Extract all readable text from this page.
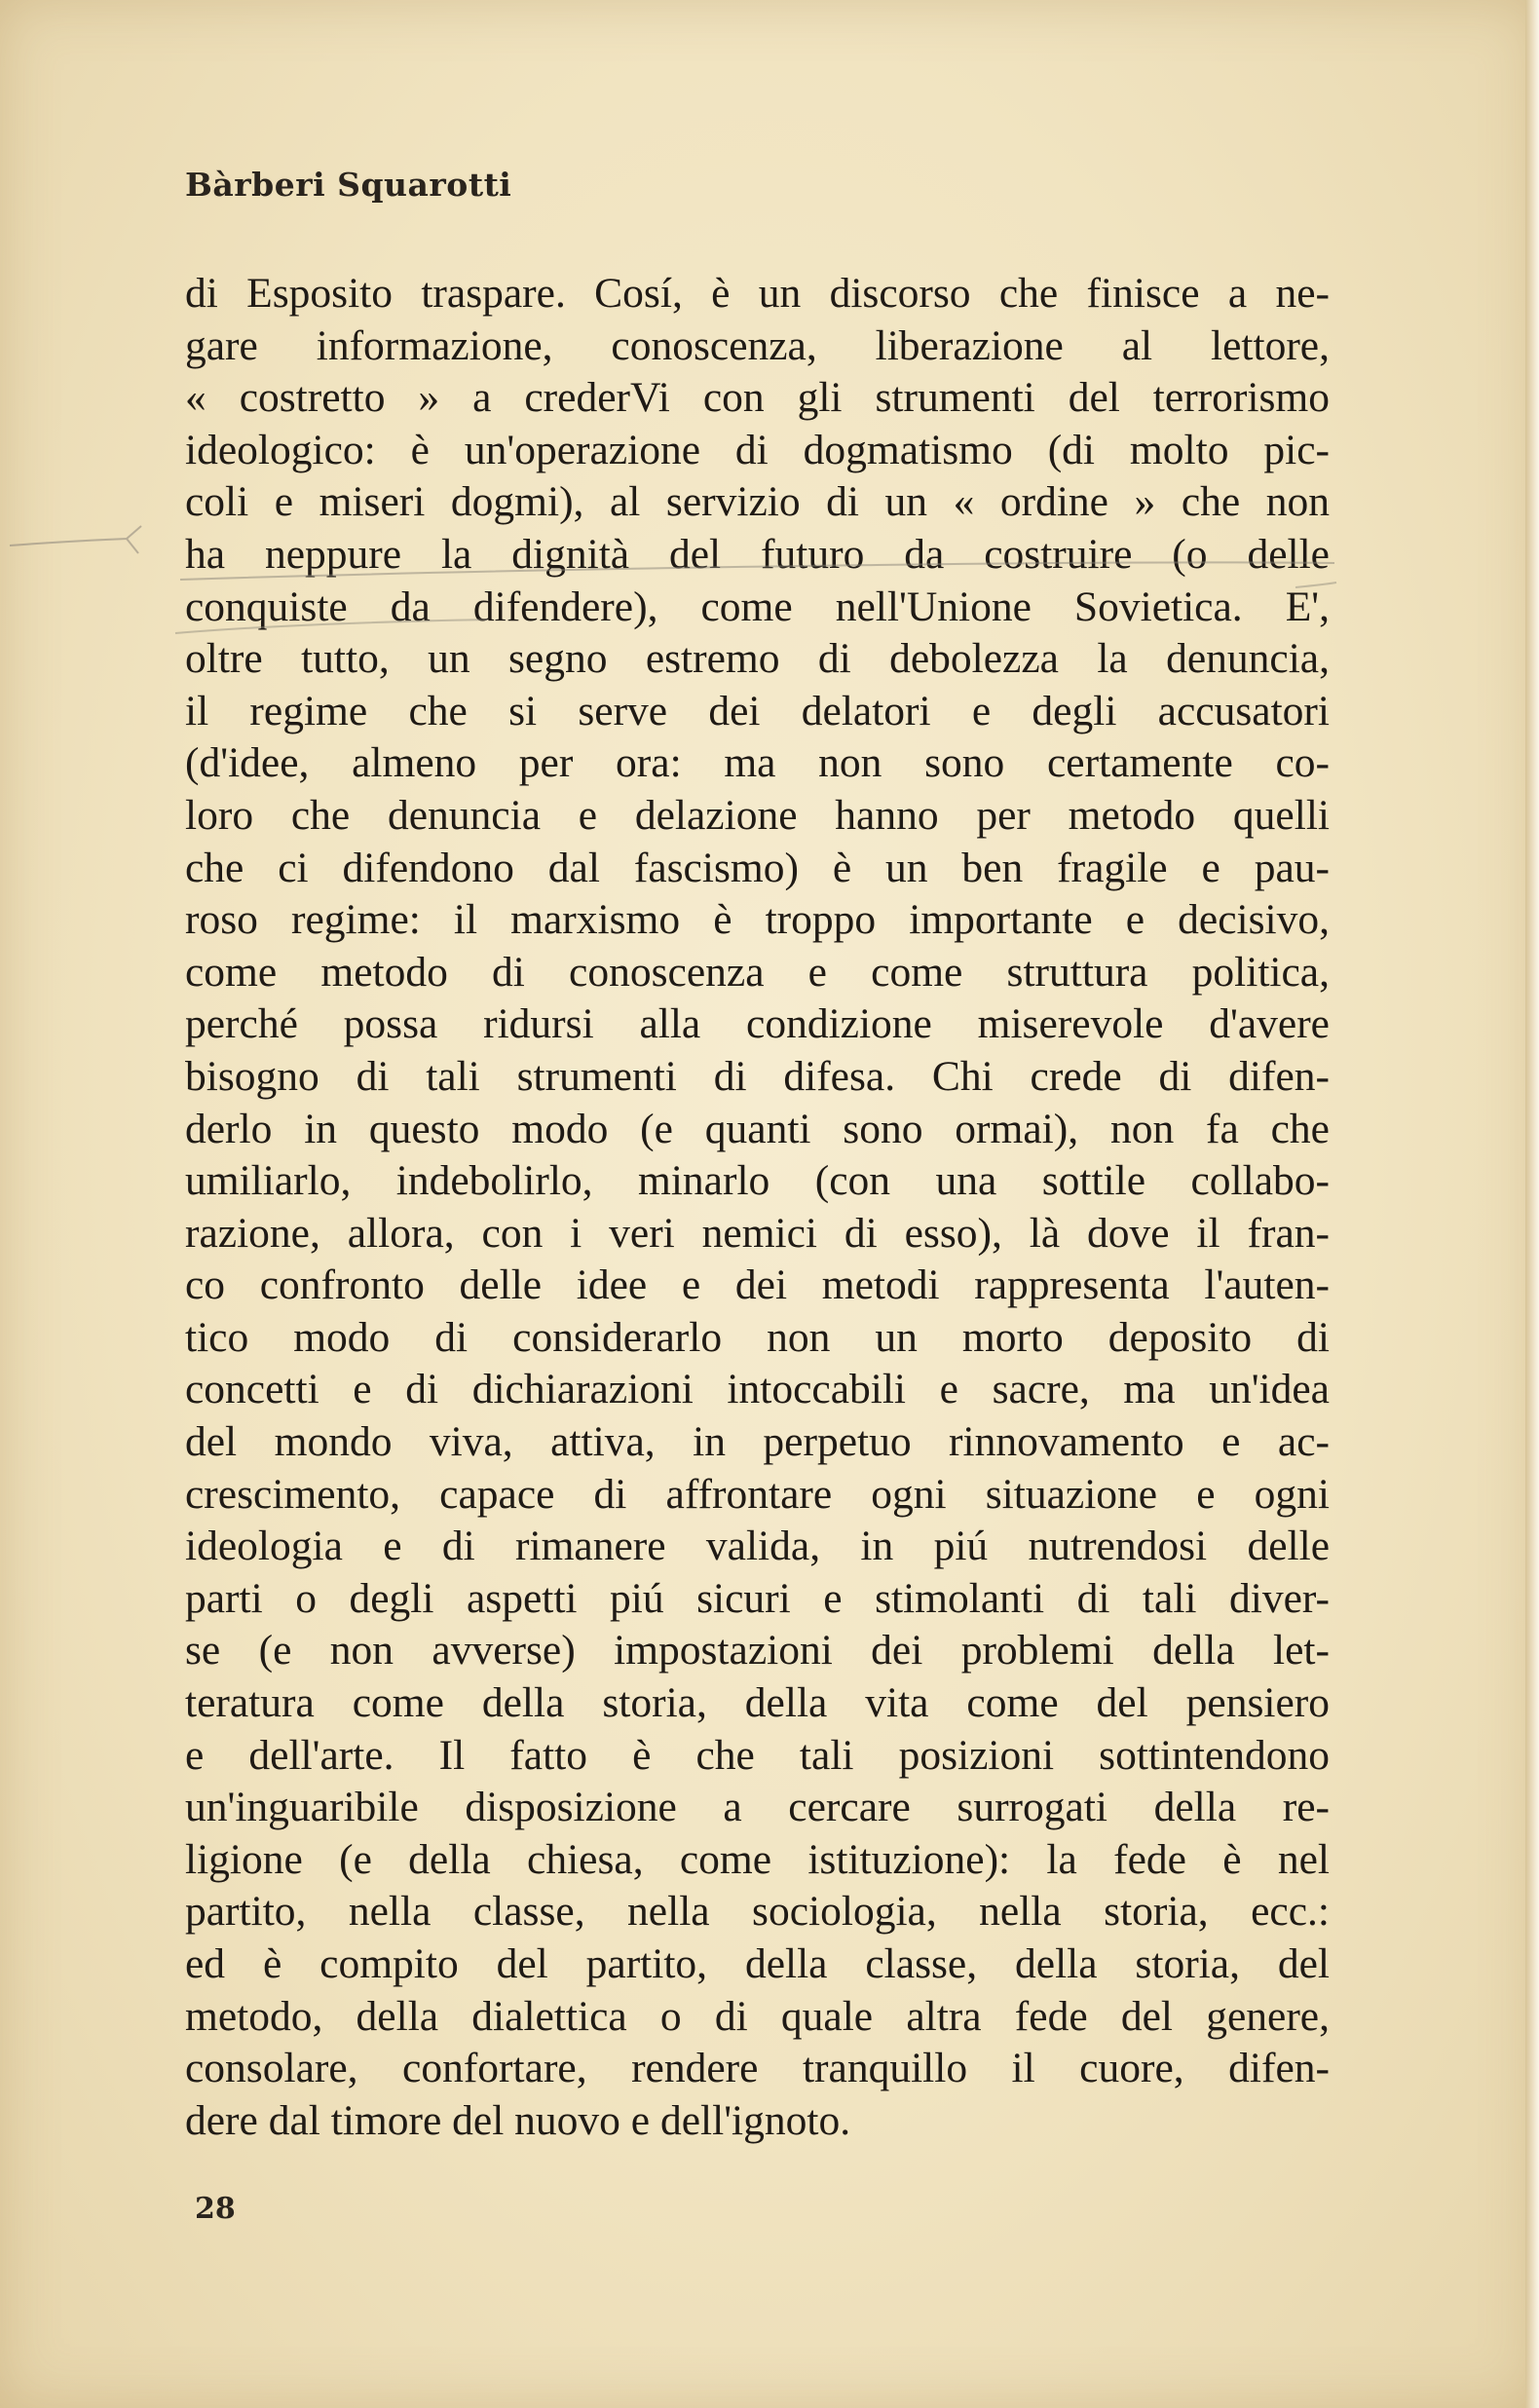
Bàrberi Squarotti
di Esposito traspare. Cosí, è un discorso che finisce a ne-
gare informazione, conoscenza, liberazione al lettore,
« costretto » a crederVi con gli strumenti del terrorismo
ideologico: è un'operazione di dogmatismo (di molto pic-
coli e miseri dogmi), al servizio di un « ordine » che non
ha neppure la dignità del futuro da costruire (o delle
conquiste da difendere), come nell'Unione Sovietica. E',
oltre tutto, un segno estremo di debolezza la denuncia,
il regime che si serve dei delatori e degli accusatori
(d'idee, almeno per ora: ma non sono certamente co-
loro che denuncia e delazione hanno per metodo quelli
che ci difendono dal fascismo) è un ben fragile e pau-
roso regime: il marxismo è troppo importante e decisivo,
come metodo di conoscenza e come struttura politica,
perché possa ridursi alla condizione miserevole d'avere
bisogno di tali strumenti di difesa. Chi crede di difen-
derlo in questo modo (e quanti sono ormai), non fa che
umiliarlo, indebolirlo, minarlo (con una sottile collabo-
razione, allora, con i veri nemici di esso), là dove il fran-
co confronto delle idee e dei metodi rappresenta l'auten-
tico modo di considerarlo non un morto deposito di
concetti e di dichiarazioni intoccabili e sacre, ma un'idea
del mondo viva, attiva, in perpetuo rinnovamento e ac-
crescimento, capace di affrontare ogni situazione e ogni
ideologia e di rimanere valida, in piú nutrendosi delle
parti o degli aspetti piú sicuri e stimolanti di tali diver-
se (e non avverse) impostazioni dei problemi della let-
teratura come della storia, della vita come del pensiero
e dell'arte. Il fatto è che tali posizioni sottintendono
un'inguaribile disposizione a cercare surrogati della re-
ligione (e della chiesa, come istituzione): la fede è nel
partito, nella classe, nella sociologia, nella storia, ecc.:
ed è compito del partito, della classe, della storia, del
metodo, della dialettica o di quale altra fede del genere,
consolare, confortare, rendere tranquillo il cuore, difen-
dere dal timore del nuovo e dell'ignoto.
28
